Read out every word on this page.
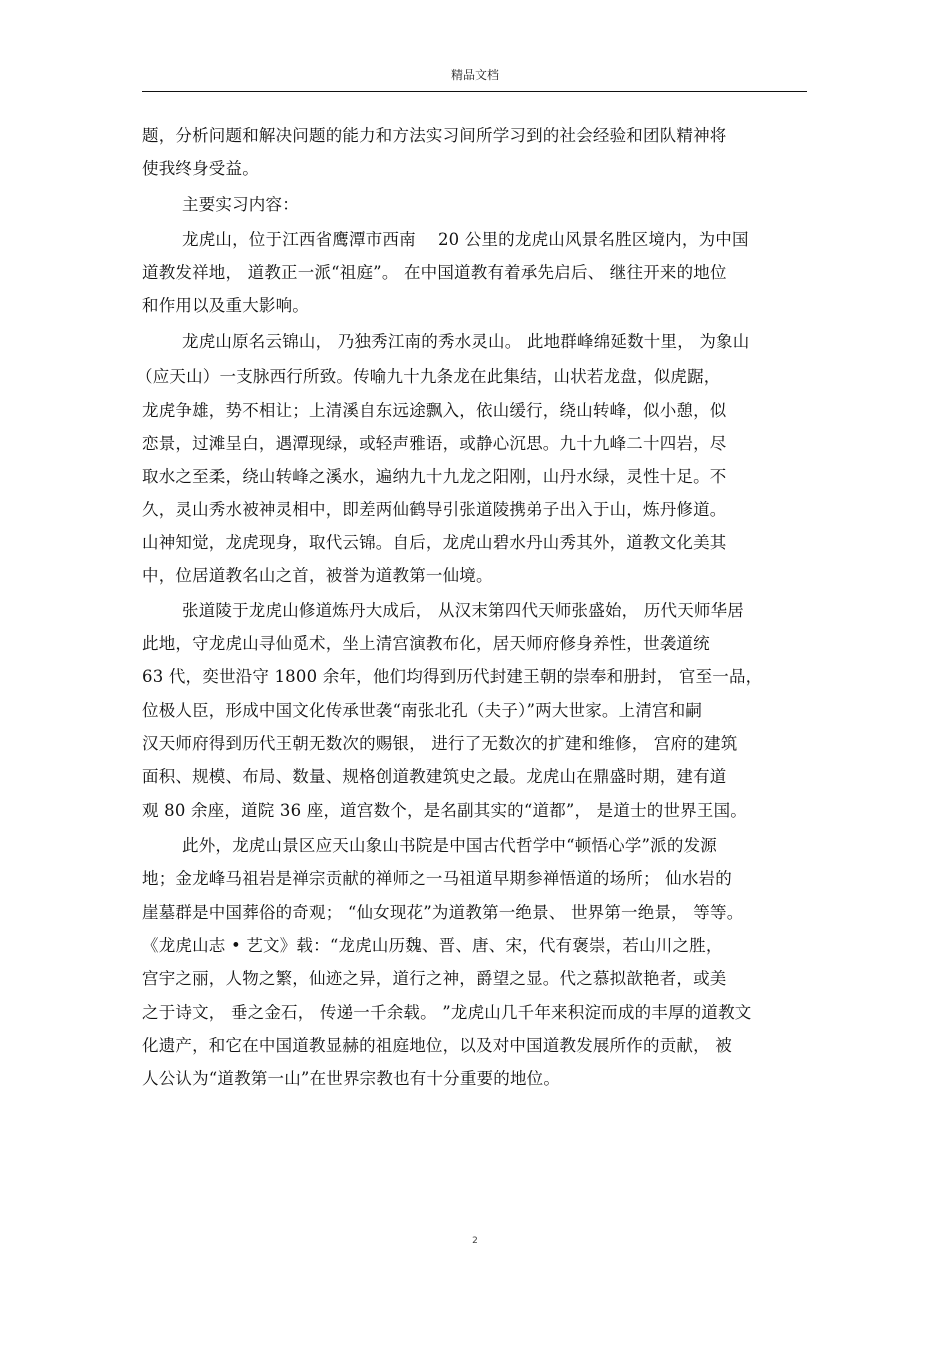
精品文档
题，分析问题和解决问题的能力和方法实习间所学习到的社会经验和团队精神将
使我终身受益。
主要实习内容：
龙虎山，位于江西省鹰潭市西南　 20 公里的龙虎山风景名胜区境内，为中国
道教发祥地， 道教正一派“祖庭”。 在中国道教有着承先启后、 继往开来的地位
和作用以及重大影响。
龙虎山原名云锦山， 乃独秀江南的秀水灵山。 此地群峰绵延数十里， 为象山
（应天山）一支脉西行所致。传喻九十九条龙在此集结，山状若龙盘，似虎踞，
龙虎争雄，势不相让；上清溪自东远途飘入，依山缓行，绕山转峰，似小憩，似
恋景，过滩呈白，遇潭现绿，或轻声雅语，或静心沉思。九十九峰二十四岩，尽
取水之至柔，绕山转峰之溪水，遍纳九十九龙之阳刚，山丹水绿，灵性十足。不
久，灵山秀水被神灵相中，即差两仙鹤导引张道陵携弟子出入于山，炼丹修道。
山神知觉，龙虎现身，取代云锦。自后，龙虎山碧水丹山秀其外，道教文化美其
中，位居道教名山之首，被誉为道教第一仙境。
张道陵于龙虎山修道炼丹大成后， 从汉末第四代天师张盛始， 历代天师华居
此地，守龙虎山寻仙觅术，坐上清宫演教布化，居天师府修身养性，世袭道统
63 代，奕世沿守 1800 余年，他们均得到历代封建王朝的崇奉和册封， 官至一品，
位极人臣，形成中国文化传承世袭“南张北孔（夫子）”两大世家。上清宫和嗣
汉天师府得到历代王朝无数次的赐银， 进行了无数次的扩建和维修， 宫府的建筑
面积、规模、布局、数量、规格创道教建筑史之最。龙虎山在鼎盛时期，建有道
观 80 余座，道院 36 座，道宫数个，是名副其实的“道都”， 是道士的世界王国。
此外，龙虎山景区应天山象山书院是中国古代哲学中“顿悟心学”派的发源
地；金龙峰马祖岩是禅宗贡献的禅师之一马祖道早期参禅悟道的场所； 仙水岩的
崖墓群是中国葬俗的奇观； “仙女现花”为道教第一绝景、 世界第一绝景， 等等。
《龙虎山志 • 艺文》载：“龙虎山历魏、晋、唐、宋，代有褒崇，若山川之胜，
宫宇之丽，人物之繁，仙迹之异，道行之神，爵望之显。代之慕拟歆艳者，或美
之于诗文， 垂之金石， 传递一千余载。 ”龙虎山几千年来积淀而成的丰厚的道教文
化遗产，和它在中国道教显赫的祖庭地位，以及对中国道教发展所作的贡献， 被
人公认为“道教第一山”在世界宗教也有十分重要的地位。
2
